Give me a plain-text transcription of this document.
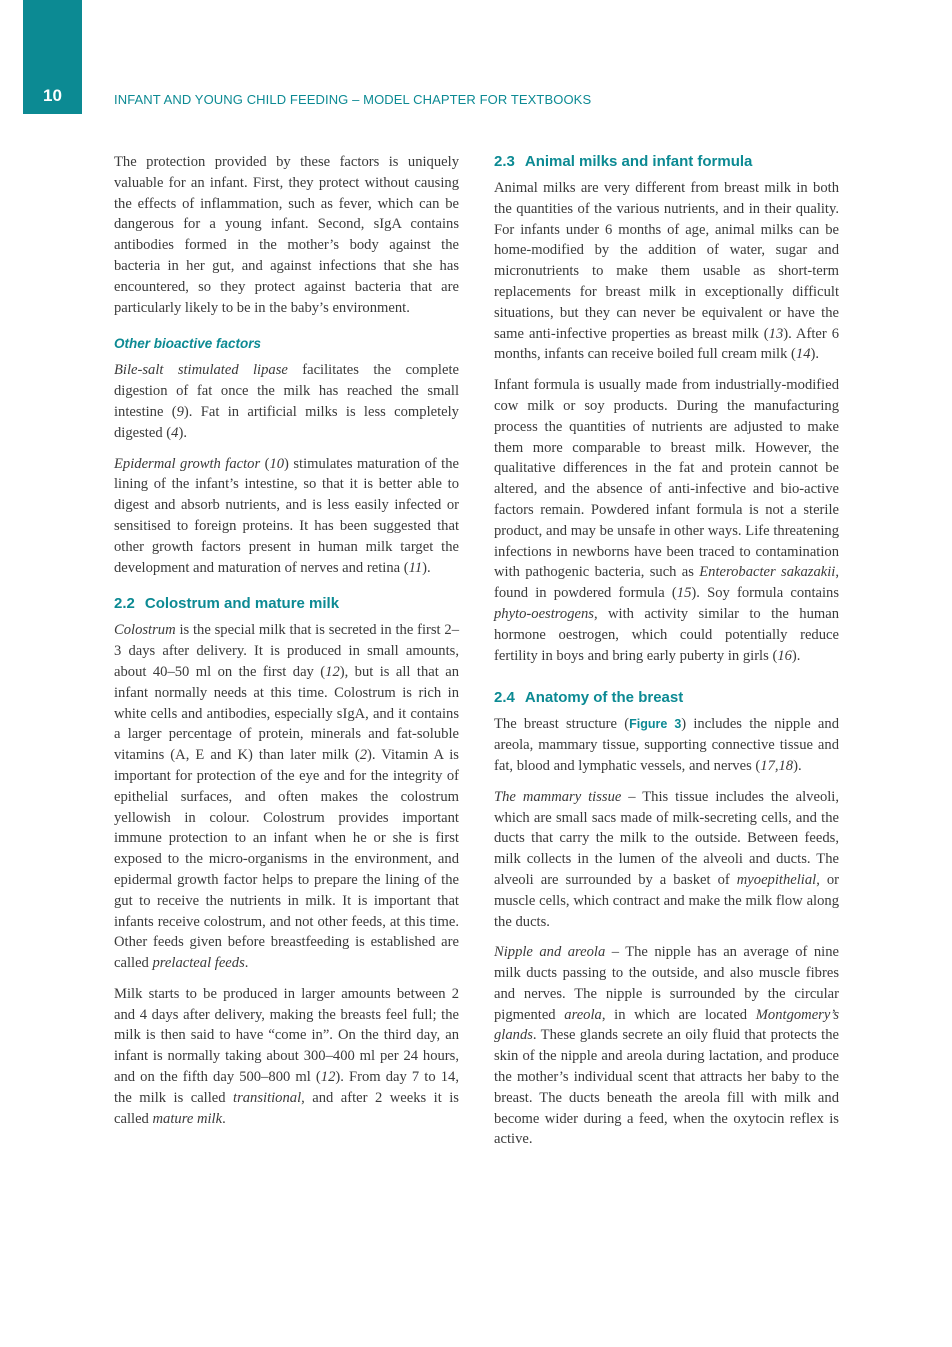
10	INFANT AND YOUNG CHILD FEEDING – MODEL CHAPTER FOR TEXTBOOKS

The protection provided by these factors is uniquely valuable for an infant. First, they protect without causing the effects of inflammation, such as fever, which can be dangerous for a young infant. Second, sIgA contains antibodies formed in the mother’s body against the bacteria in her gut, and against infections that she has encountered, so they protect against bacteria that are particularly likely to be in the baby’s environment.

Other bioactive factors

Bile-salt stimulated lipase facilitates the complete digestion of fat once the milk has reached the small intestine (9). Fat in artificial milks is less completely digested (4).

Epidermal growth factor (10) stimulates maturation of the lining of the infant’s intestine, so that it is better able to digest and absorb nutrients, and is less easily infected or sensitised to foreign proteins. It has been suggested that other growth factors present in human milk target the development and maturation of nerves and retina (11).

2.2 Colostrum and mature milk

Colostrum is the special milk that is secreted in the first 2–3 days after delivery. It is produced in small amounts, about 40–50 ml on the first day (12), but is all that an infant normally needs at this time. Colostrum is rich in white cells and antibodies, especially sIgA, and it contains a larger percentage of protein, minerals and fat-soluble vitamins (A, E and K) than later milk (2). Vitamin A is important for protection of the eye and for the integrity of epithelial surfaces, and often makes the colostrum yellowish in colour. Colostrum provides important immune protection to an infant when he or she is first exposed to the micro-organisms in the environment, and epidermal growth factor helps to prepare the lining of the gut to receive the nutrients in milk. It is important that infants receive colostrum, and not other feeds, at this time. Other feeds given before breastfeeding is established are called prelacteal feeds.

Milk starts to be produced in larger amounts between 2 and 4 days after delivery, making the breasts feel full; the milk is then said to have “come in”. On the third day, an infant is normally taking about 300–400 ml per 24 hours, and on the fifth day 500–800 ml (12). From day 7 to 14, the milk is called transitional, and after 2 weeks it is called mature milk.

2.3 Animal milks and infant formula

Animal milks are very different from breast milk in both the quantities of the various nutrients, and in their quality. For infants under 6 months of age, animal milks can be home-modified by the addition of water, sugar and micronutrients to make them usable as short-term replacements for breast milk in exceptionally difficult situations, but they can never be equivalent or have the same anti-infective properties as breast milk (13). After 6 months, infants can receive boiled full cream milk (14).

Infant formula is usually made from industrially-modified cow milk or soy products. During the manufacturing process the quantities of nutrients are adjusted to make them more comparable to breast milk. However, the qualitative differences in the fat and protein cannot be altered, and the absence of anti-infective and bio-active factors remain. Powdered infant formula is not a sterile product, and may be unsafe in other ways. Life threatening infections in newborns have been traced to contamination with pathogenic bacteria, such as Enterobacter sakazakii, found in powdered formula (15). Soy formula contains phyto-oestrogens, with activity similar to the human hormone oestrogen, which could potentially reduce fertility in boys and bring early puberty in girls (16).

2.4 Anatomy of the breast

The breast structure (Figure 3) includes the nipple and areola, mammary tissue, supporting connective tissue and fat, blood and lymphatic vessels, and nerves (17,18).

The mammary tissue – This tissue includes the alveoli, which are small sacs made of milk-secreting cells, and the ducts that carry the milk to the outside. Between feeds, milk collects in the lumen of the alveoli and ducts. The alveoli are surrounded by a basket of myoepithelial, or muscle cells, which contract and make the milk flow along the ducts.

Nipple and areola – The nipple has an average of nine milk ducts passing to the outside, and also muscle fibres and nerves. The nipple is surrounded by the circular pigmented areola, in which are located Montgomery’s glands. These glands secrete an oily fluid that protects the skin of the nipple and areola during lactation, and produce the mother’s individual scent that attracts her baby to the breast. The ducts beneath the areola fill with milk and become wider during a feed, when the oxytocin reflex is active.
